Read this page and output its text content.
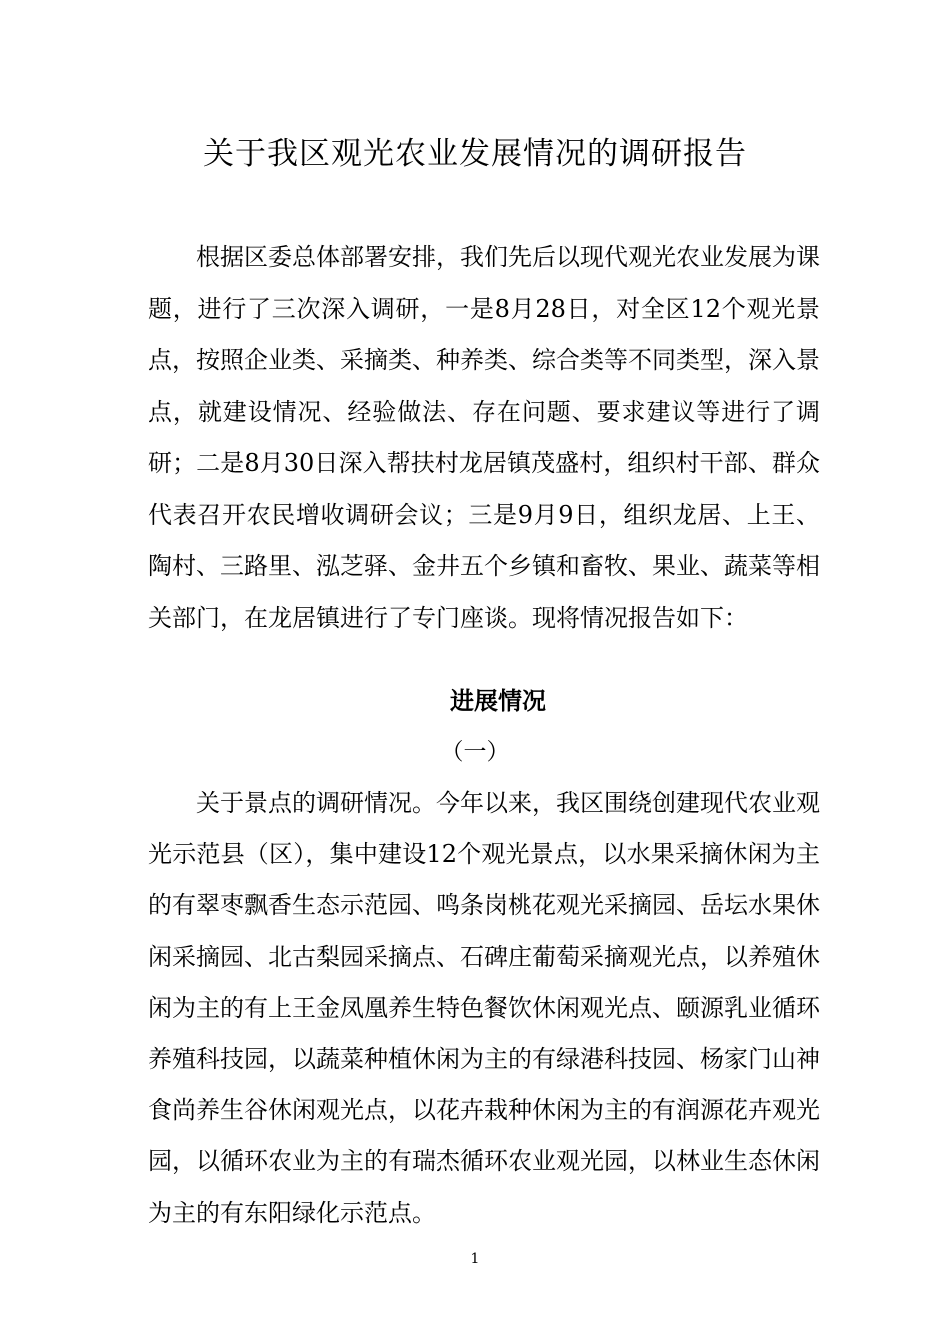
关于我区观光农业发展情况的调研报告

根据区委总体部署安排，我们先后以现代观光农业发展为课题，进行了三次深入调研，一是8月28日，对全区12个观光景点，按照企业类、采摘类、种养类、综合类等不同类型，深入景点，就建设情况、经验做法、存在问题、要求建议等进行了调研；二是8月30日深入帮扶村龙居镇茂盛村，组织村干部、群众代表召开农民增收调研会议；三是9月9日，组织龙居、上王、陶村、三路里、泓芝驿、金井五个乡镇和畜牧、果业、蔬菜等相关部门，在龙居镇进行了专门座谈。现将情况报告如下：

进展情况
（一）

关于景点的调研情况。今年以来，我区围绕创建现代农业观光示范县（区），集中建设12个观光景点，以水果采摘休闲为主的有翠枣飘香生态示范园、鸣条岗桃花观光采摘园、岳坛水果休闲采摘园、北古梨园采摘点、石碑庄葡萄采摘观光点，以养殖休闲为主的有上王金凤凰养生特色餐饮休闲观光点、颐源乳业循环养殖科技园，以蔬菜种植休闲为主的有绿港科技园、杨家门山神食尚养生谷休闲观光点，以花卉栽种休闲为主的有润源花卉观光园，以循环农业为主的有瑞杰循环农业观光园，以林业生态休闲为主的有东阳绿化示范点。

1
